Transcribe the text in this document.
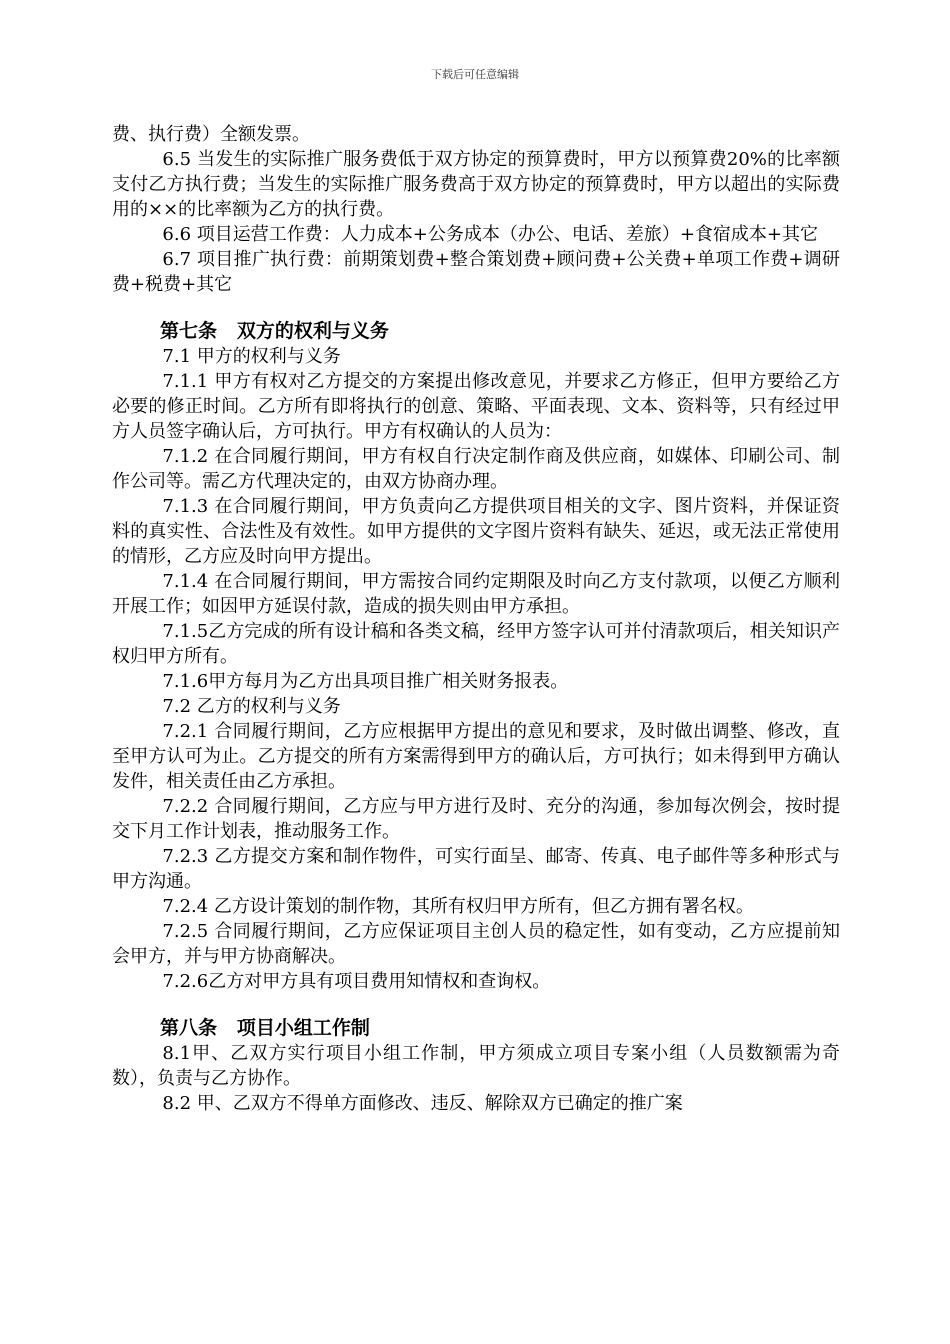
下载后可任意编辑

费、执行费）全额发票。

6.5 当发生的实际推广服务费低于双方协定的预算费时，甲方以预算费20%的比率额支付乙方执行费；当发生的实际推广服务费高于双方协定的预算费时，甲方以超出的实际费用的××的比率额为乙方的执行费。

6.6 项目运营工作费：人力成本+公务成本（办公、电话、差旅）+食宿成本+其它

6.7 项目推广执行费：前期策划费+整合策划费+顾问费+公关费+单项工作费+调研费+税费+其它

第七条   双方的权利与义务

7.1 甲方的权利与义务

7.1.1 甲方有权对乙方提交的方案提出修改意见，并要求乙方修正，但甲方要给乙方必要的修正时间。乙方所有即将执行的创意、策略、平面表现、文本、资料等，只有经过甲方人员签字确认后，方可执行。甲方有权确认的人员为：

7.1.2 在合同履行期间，甲方有权自行决定制作商及供应商，如媒体、印刷公司、制作公司等。需乙方代理决定的，由双方协商办理。

7.1.3 在合同履行期间，甲方负责向乙方提供项目相关的文字、图片资料，并保证资料的真实性、合法性及有效性。如甲方提供的文字图片资料有缺失、延迟，或无法正常使用的情形，乙方应及时向甲方提出。

7.1.4 在合同履行期间，甲方需按合同约定期限及时向乙方支付款项，以便乙方顺利开展工作；如因甲方延误付款，造成的损失则由甲方承担。

7.1.5乙方完成的所有设计稿和各类文稿，经甲方签字认可并付清款项后，相关知识产权归甲方所有。

7.1.6甲方每月为乙方出具项目推广相关财务报表。

7.2 乙方的权利与义务

7.2.1 合同履行期间，乙方应根据甲方提出的意见和要求，及时做出调整、修改，直至甲方认可为止。乙方提交的所有方案需得到甲方的确认后，方可执行；如未得到甲方确认发件，相关责任由乙方承担。

7.2.2 合同履行期间，乙方应与甲方进行及时、充分的沟通，参加每次例会，按时提交下月工作计划表，推动服务工作。

7.2.3 乙方提交方案和制作物件，可实行面呈、邮寄、传真、电子邮件等多种形式与甲方沟通。

7.2.4 乙方设计策划的制作物，其所有权归甲方所有，但乙方拥有署名权。

7.2.5 合同履行期间，乙方应保证项目主创人员的稳定性，如有变动，乙方应提前知会甲方，并与甲方协商解决。

7.2.6乙方对甲方具有项目费用知情权和查询权。

第八条   项目小组工作制

8.1甲、乙双方实行项目小组工作制，甲方须成立项目专案小组（人员数额需为奇数），负责与乙方协作。

8.2 甲、乙双方不得单方面修改、违反、解除双方已确定的推广案
